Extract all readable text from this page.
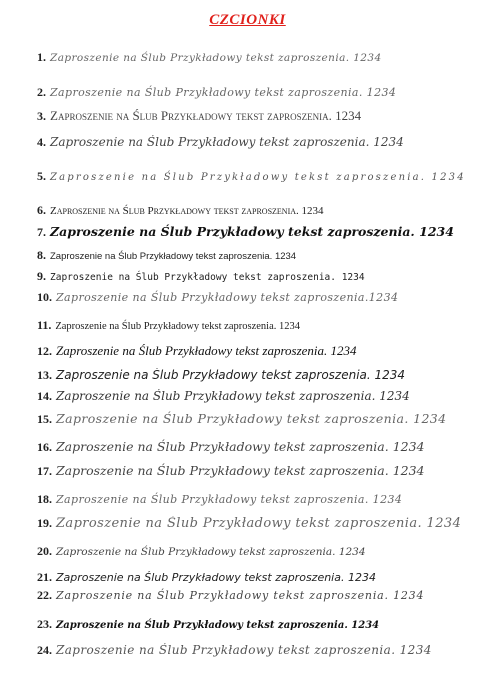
CZCIONKI
1. Zaproszenie na Ślub Przykładowy tekst zaproszenia. 1234
2. Zaproszenie na Ślub Przykładowy tekst zaproszenia. 1234
3. Zaproszenie na Ślub Przykładowy tekst zaproszenia. 1234
4. Zaproszenie na Ślub Przykładowy tekst zaproszenia. 1234
5. Zaproszenie na Ślub Przykładowy tekst zaproszenia. 1234
6. Zaproszenie na Ślub Przykładowy tekst zaproszenia. 1234
7. Zaproszenie na Ślub Przykładowy tekst zaproszenia. 1234
8. Zaproszenie na Ślub Przykładowy tekst zaproszenia. 1234
9. Zaproszenie na Ślub Przykładowy tekst zaproszenia. 1234
10. Zaproszenie na Ślub Przykładowy tekst zaproszenia.1234
11. Zaproszenie na Ślub Przykładowy tekst zaproszenia. 1234
12. Zaproszenie na Ślub Przykładowy tekst zaproszenia. 1234
13. Zaproszenie na Ślub Przykładowy tekst zaproszenia. 1234
14. Zaproszenie na Ślub Przykładowy tekst zaproszenia. 1234
15. Zaproszenie na Ślub Przykładowy tekst zaproszenia. 1234
16. Zaproszenie na Ślub Przykładowy tekst zaproszenia. 1234
17. Zaproszenie na Ślub Przykładowy tekst zaproszenia. 1234
18. Zaproszenie na Ślub Przykładowy tekst zaproszenia. 1234
19. Zaproszenie na Ślub Przykładowy tekst zaproszenia. 1234
20. Zaproszenie na Ślub Przykładowy tekst zaproszenia. 1234
21. Zaproszenie na Ślub Przykładowy tekst zaproszenia. 1234
22. Zaproszenie na Ślub Przykładowy tekst zaproszenia. 1234
23. Zaproszenie na Ślub Przykładowy tekst zaproszenia. 1234
24. Zaproszenie na Ślub Przykładowy tekst zaproszenia. 1234
